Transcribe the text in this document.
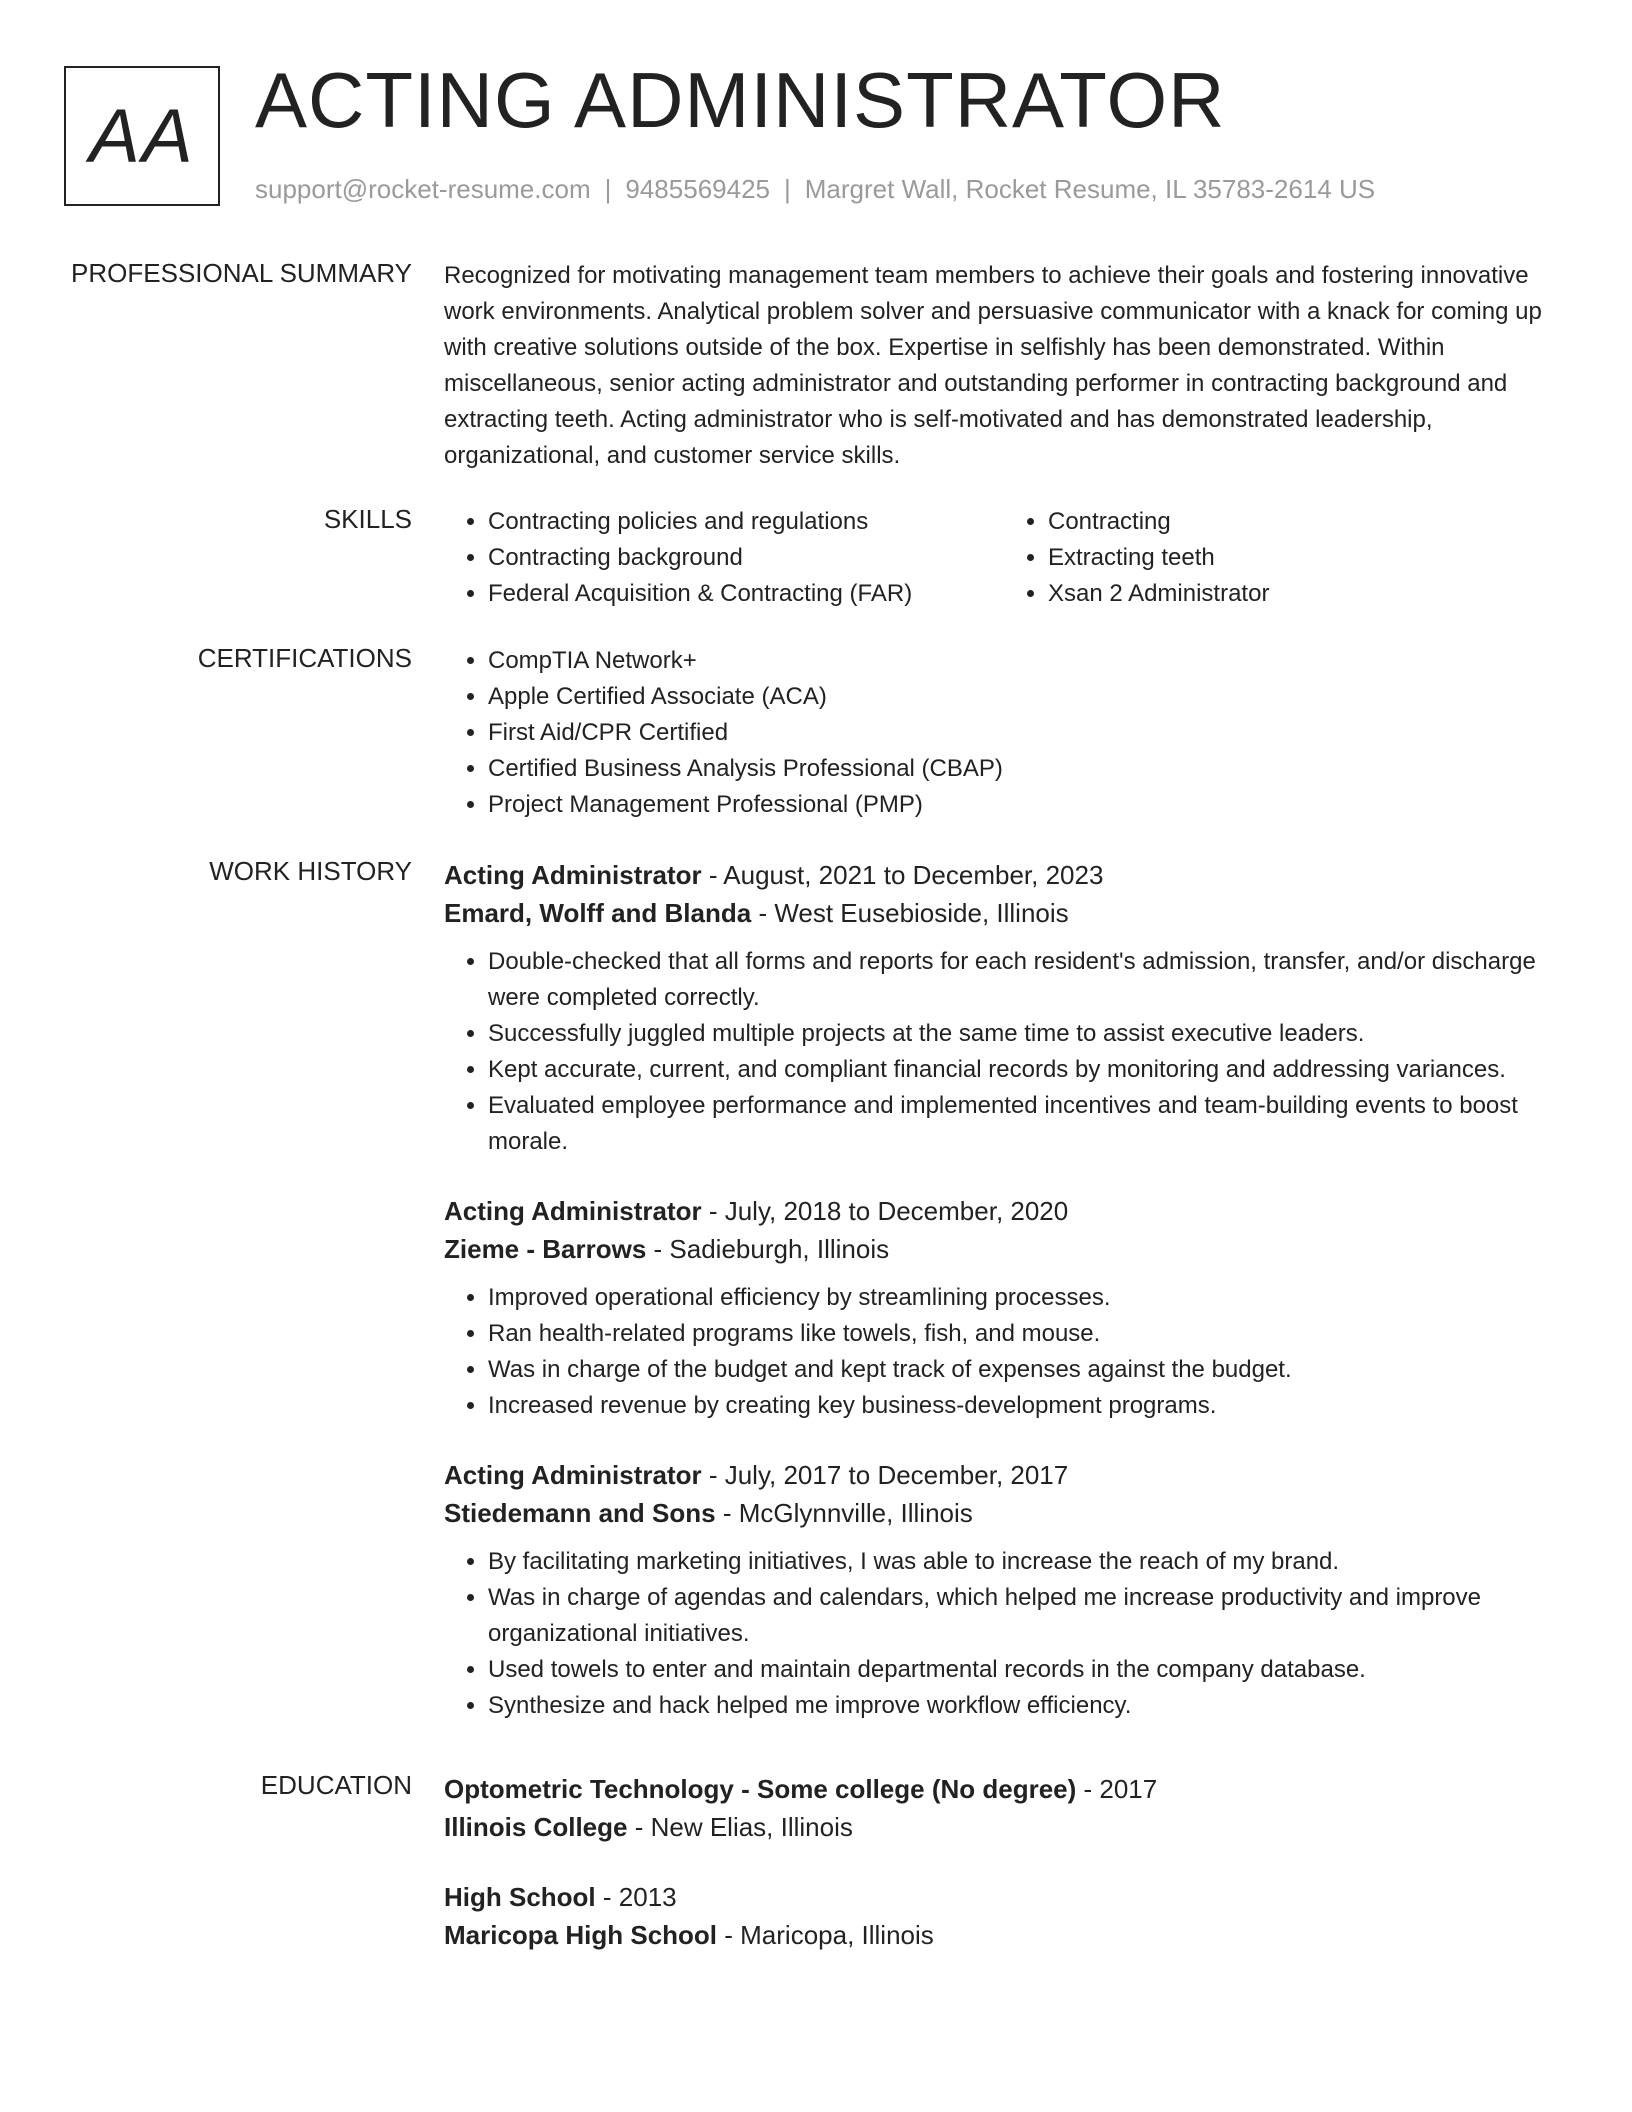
AA ACTING ADMINISTRATOR
support@rocket-resume.com | 9485569425 | Margret Wall, Rocket Resume, IL 35783-2614 US
PROFESSIONAL SUMMARY Recognized for motivating management team members to achieve their goals and fostering innovative work environments. Analytical problem solver and persuasive communicator with a knack for coming up with creative solutions outside of the box. Expertise in selfishly has been demonstrated. Within miscellaneous, senior acting administrator and outstanding performer in contracting background and extracting teeth. Acting administrator who is self-motivated and has demonstrated leadership, organizational, and customer service skills.

SKILLS	• Contracting policies and regulations
• Contracting background
• Federal Acquisition & Contracting (FAR)
• Contracting
• Extracting teeth
• Xsan 2 Administrator
CERTIFICATIONS	• CompTIA Network+
• Apple Certified Associate (ACA)
• First Aid/CPR Certified
• Certified Business Analysis Professional (CBAP)
• Project Management Professional (PMP)
WORK HISTORY Acting Administrator - August, 2021 to December, 2023
Emard, Wolff and Blanda - West Eusebioside, Illinois
• Double-checked that all forms and reports for each resident's admission, transfer, and/or discharge were completed correctly.
• Successfully juggled multiple projects at the same time to assist executive leaders.
• Kept accurate, current, and compliant financial records by monitoring and addressing variances.
• Evaluated employee performance and implemented incentives and team-building events to boost morale.
Acting Administrator - July, 2018 to December, 2020
Zieme - Barrows - Sadieburgh, Illinois
• Improved operational efficiency by streamlining processes.
• Ran health-related programs like towels, fish, and mouse.
• Was in charge of the budget and kept track of expenses against the budget.
• Increased revenue by creating key business-development programs.
Acting Administrator - July, 2017 to December, 2017
Stiedemann and Sons - McGlynnville, Illinois
• By facilitating marketing initiatives, I was able to increase the reach of my brand.
• Was in charge of agendas and calendars, which helped me increase productivity and improve organizational initiatives.
• Used towels to enter and maintain departmental records in the company database.
• Synthesize and hack helped me improve workflow efficiency.
EDUCATION Optometric Technology - Some college (No degree) - 2017
Illinois College - New Elias, Illinois
High School - 2013
Maricopa High School - Maricopa, Illinois
